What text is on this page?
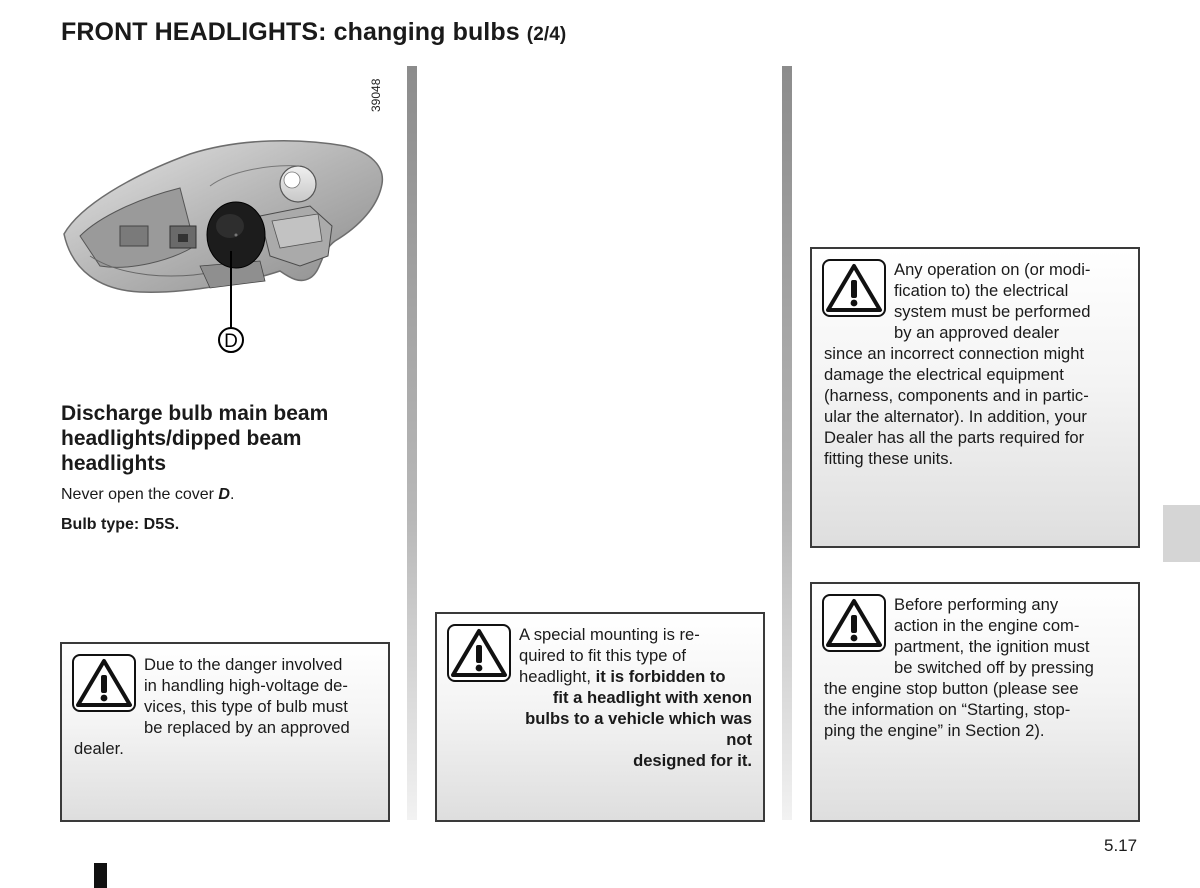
FRONT HEADLIGHTS: changing bulbs (2/4)
D
39048
Discharge bulb main beam headlights/dipped beam headlights
Never open the cover D.
Bulb type: D5S.
Due to the danger involved
in handling high-voltage de-
vices, this type of bulb must
be replaced by an approved
dealer.
A special mounting is re-
quired to fit this type of
headlight, it is forbidden to
fit a headlight with xenon
bulbs to a vehicle which was not
designed for it.
Any operation on (or modi-
fication to) the electrical
system must be performed
by an approved dealer
since an incorrect connection might
damage the electrical equipment
(harness, components and in partic-
ular the alternator). In addition, your
Dealer has all the parts required for
fitting these units.
Before performing any
action in the engine com-
partment, the ignition must
be switched off by pressing
the engine stop button (please see
the information on “Starting, stop-
ping the engine” in Section 2).
5.17
